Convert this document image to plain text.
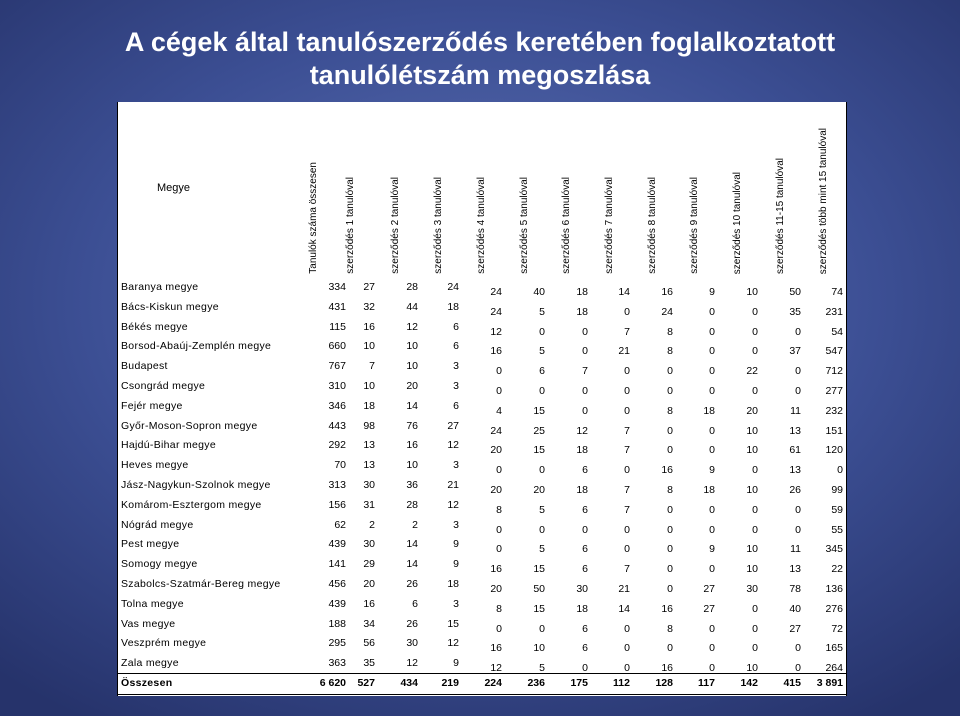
A cégek által tanulószerződés keretében foglalkoztatott
tanulólétszám megoszlása
Megye	Tanulók száma összesen	szerződés 1 tanulóval	szerződés 2 tanulóval	szerződés 3 tanulóval	szerződés 4 tanulóval	szerződés 5 tanulóval	szerződés 6 tanulóval	szerződés 7 tanulóval	szerződés 8 tanulóval	szerződés 9 tanulóval	szerződés 10 tanulóval	szerződés 11-15 tanulóval	szerződés több mint 15 tanulóval
Baranya megye	334	27	28	24	24	40	18	14	16	9	10	50	74
Bács-Kiskun megye	431	32	44	18	24	5	18	0	24	0	0	35	231
Békés megye	115	16	12	6	12	0	0	7	8	0	0	0	54
Borsod-Abaúj-Zemplén megye	660	10	10	6	16	5	0	21	8	0	0	37	547
Budapest	767	7	10	3	0	6	7	0	0	0	22	0	712
Csongrád megye	310	10	20	3	0	0	0	0	0	0	0	0	277
Fejér megye	346	18	14	6	4	15	0	0	8	18	20	11	232
Győr-Moson-Sopron megye	443	98	76	27	24	25	12	7	0	0	10	13	151
Hajdú-Bihar megye	292	13	16	12	20	15	18	7	0	0	10	61	120
Heves megye	70	13	10	3	0	0	6	0	16	9	0	13	0
Jász-Nagykun-Szolnok megye	313	30	36	21	20	20	18	7	8	18	10	26	99
Komárom-Esztergom megye	156	31	28	12	8	5	6	7	0	0	0	0	59
Nógrád megye	62	2	2	3	0	0	0	0	0	0	0	0	55
Pest megye	439	30	14	9	0	5	6	0	0	9	10	11	345
Somogy megye	141	29	14	9	16	15	6	7	0	0	10	13	22
Szabolcs-Szatmár-Bereg megye	456	20	26	18	20	50	30	21	0	27	30	78	136
Tolna megye	439	16	6	3	8	15	18	14	16	27	0	40	276
Vas megye	188	34	26	15	0	0	6	0	8	0	0	27	72
Veszprém megye	295	56	30	12	16	10	6	0	0	0	0	0	165
Zala megye	363	35	12	9	12	5	0	0	16	0	10	0	264
Összesen	6 620	527	434	219	224	236	175	112	128	117	142	415	3 891
